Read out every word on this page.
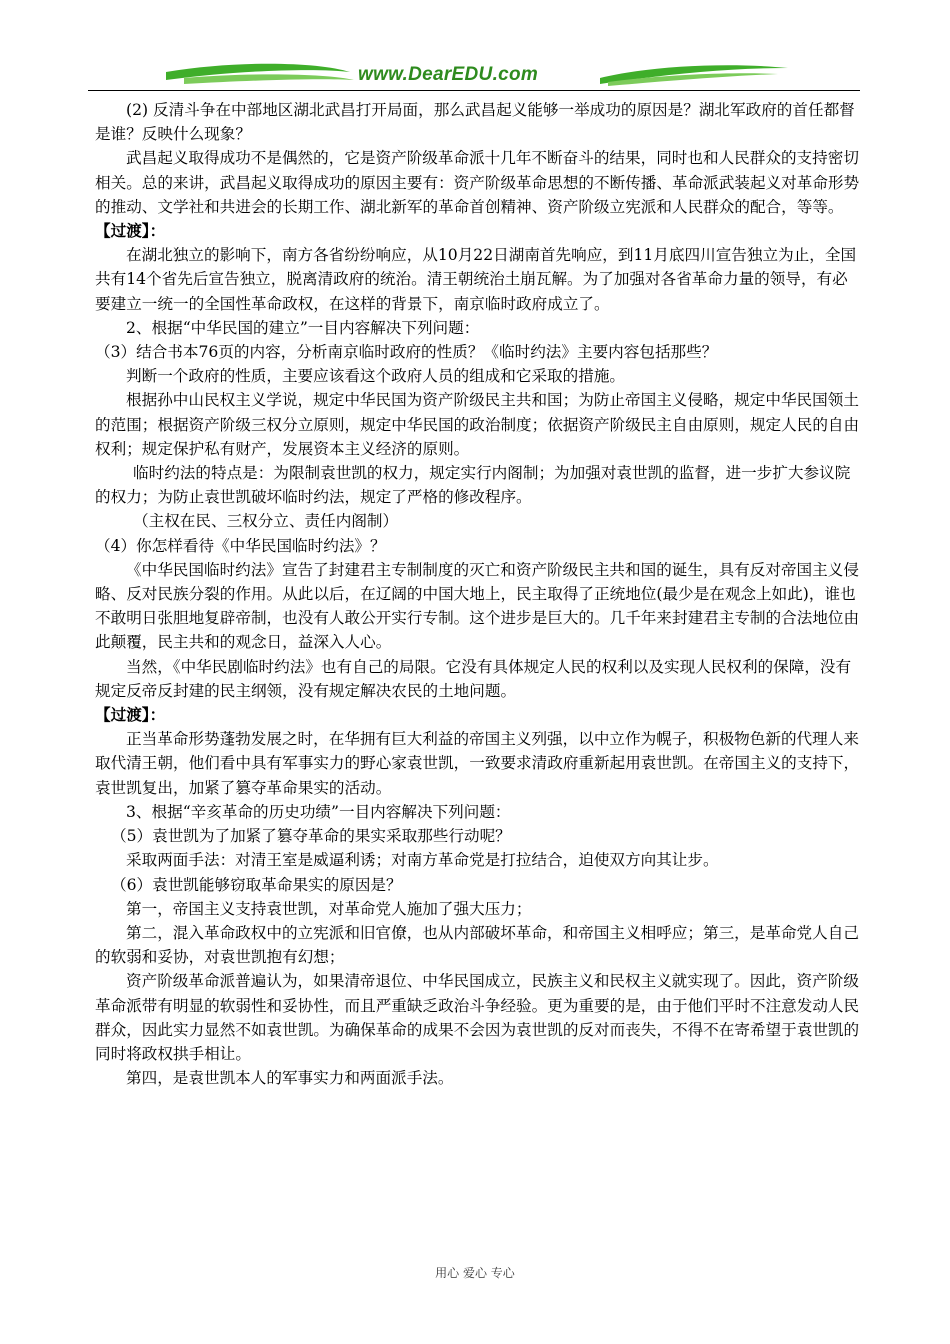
www.DearEDU.com

(2) 反清斗争在中部地区湖北武昌打开局面，那么武昌起义能够一举成功的原因是？湖北军政府的首任都督是谁？反映什么现象？

武昌起义取得成功不是偶然的，它是资产阶级革命派十几年不断奋斗的结果，同时也和人民群众的支持密切相关。总的来讲，武昌起义取得成功的原因主要有：资产阶级革命思想的不断传播、革命派武装起义对革命形势的推动、文学社和共进会的长期工作、湖北新军的革命首创精神、资产阶级立宪派和人民群众的配合，等等。

【过渡】：

在湖北独立的影响下，南方各省纷纷响应，从10月22日湖南首先响应，到11月底四川宣告独立为止，全国共有14个省先后宣告独立，脱离清政府的统治。清王朝统治土崩瓦解。为了加强对各省革命力量的领导，有必要建立一统一的全国性革命政权，在这样的背景下，南京临时政府成立了。

2、根据“中华民国的建立”一目内容解决下列问题：

（3）结合书本76页的内容，分析南京临时政府的性质？《临时约法》主要内容包括那些？

判断一个政府的性质，主要应该看这个政府人员的组成和它采取的措施。

根据孙中山民权主义学说，规定中华民国为资产阶级民主共和国；为防止帝国主义侵略，规定中华民国领土的范围；根据资产阶级三权分立原则，规定中华民国的政治制度；依据资产阶级民主自由原则，规定人民的自由权利；规定保护私有财产，发展资本主义经济的原则。

临时约法的特点是：为限制袁世凯的权力，规定实行内阁制；为加强对袁世凯的监督，进一步扩大参议院的权力；为防止袁世凯破坏临时约法，规定了严格的修改程序。

（主权在民、三权分立、责任内阁制）

（4）你怎样看待《中华民国临时约法》？

《中华民国临时约法》宣告了封建君主专制制度的灭亡和资产阶级民主共和国的诞生，具有反对帝国主义侵略、反对民族分裂的作用。从此以后，在辽阔的中国大地上，民主取得了正统地位(最少是在观念上如此)，谁也不敢明日张胆地复辟帝制，也没有人敢公开实行专制。这个进步是巨大的。几千年来封建君主专制的合法地位由此颠覆，民主共和的观念日，益深入人心。

当然，《中华民剧临时约法》也有自己的局限。它没有具体规定人民的权利以及实现人民权利的保障，没有规定反帝反封建的民主纲领，没有规定解决农民的土地问题。

【过渡】：

正当革命形势蓬勃发展之时，在华拥有巨大利益的帝国主义列强，以中立作为幌子，积极物色新的代理人来取代清王朝，他们看中具有军事实力的野心家袁世凯，一致要求清政府重新起用袁世凯。在帝国主义的支持下，袁世凯复出，加紧了篡夺革命果实的活动。

3、根据“辛亥革命的历史功绩”一目内容解决下列问题：

（5）袁世凯为了加紧了篡夺革命的果实采取那些行动呢？

采取两面手法：对清王室是威逼利诱；对南方革命党是打拉结合，迫使双方向其让步。

（6）袁世凯能够窃取革命果实的原因是？

第一，帝国主义支持袁世凯，对革命党人施加了强大压力；

第二，混入革命政权中的立宪派和旧官僚，也从内部破坏革命，和帝国主义相呼应；第三，是革命党人自己的软弱和妥协，对袁世凯抱有幻想；

资产阶级革命派普遍认为，如果清帝退位、中华民国成立，民族主义和民权主义就实现了。因此，资产阶级革命派带有明显的软弱性和妥协性，而且严重缺乏政治斗争经验。更为重要的是，由于他们平时不注意发动人民群众，因此实力显然不如袁世凯。为确保革命的成果不会因为袁世凯的反对而丧失，不得不在寄希望于袁世凯的同时将政权拱手相让。

第四，是袁世凯本人的军事实力和两面派手法。

用心 爱心 专心
